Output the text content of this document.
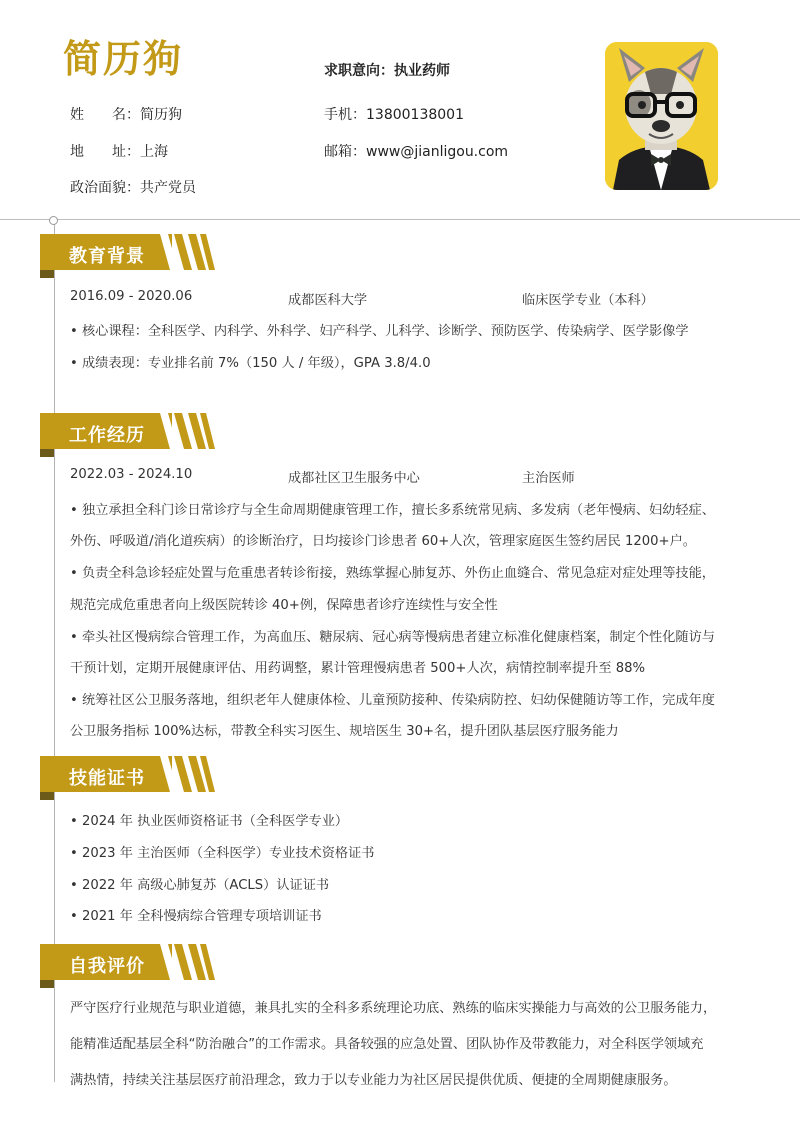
简历狗	求职意向：执业药师
姓　　名：简历狗
地　　址：上海
政治面貌：共产党员
手机：13800138001
邮箱：www@jianligou.com
教育背景
2016.09 - 2020.06	成都医科大学	临床医学专业（本科）
• 核心课程：全科医学、内科学、外科学、妇产科学、儿科学、诊断学、预防医学、传染病学、医学影像学
• 成绩表现：专业排名前 7%（150 人 / 年级），GPA 3.8/4.0
工作经历
2022.03 - 2024.10	成都社区卫生服务中心	主治医师
• 独立承担全科门诊日常诊疗与全生命周期健康管理工作，擅长多系统常见病、多发病（老年慢病、妇幼轻症、
外伤、呼吸道/消化道疾病）的诊断治疗，日均接诊门诊患者 60+人次，管理家庭医生签约居民 1200+户。
• 负责全科急诊轻症处置与危重患者转诊衔接，熟练掌握心肺复苏、外伤止血缝合、常见急症对症处理等技能，
规范完成危重患者向上级医院转诊 40+例，保障患者诊疗连续性与安全性
• 牵头社区慢病综合管理工作，为高血压、糖尿病、冠心病等慢病患者建立标准化健康档案，制定个性化随访与
干预计划，定期开展健康评估、用药调整，累计管理慢病患者 500+人次，病情控制率提升至 88%
• 统筹社区公卫服务落地，组织老年人健康体检、儿童预防接种、传染病防控、妇幼保健随访等工作，完成年度
公卫服务指标 100%达标，带教全科实习医生、规培医生 30+名，提升团队基层医疗服务能力
技能证书
• 2024 年 执业医师资格证书（全科医学专业）
• 2023 年 主治医师（全科医学）专业技术资格证书
• 2022 年 高级心肺复苏（ACLS）认证证书
• 2021 年 全科慢病综合管理专项培训证书
自我评价
严守医疗行业规范与职业道德，兼具扎实的全科多系统理论功底、熟练的临床实操能力与高效的公卫服务能力，
能精准适配基层全科“防治融合”的工作需求。具备较强的应急处置、团队协作及带教能力，对全科医学领域充
满热情，持续关注基层医疗前沿理念，致力于以专业能力为社区居民提供优质、便捷的全周期健康服务。
